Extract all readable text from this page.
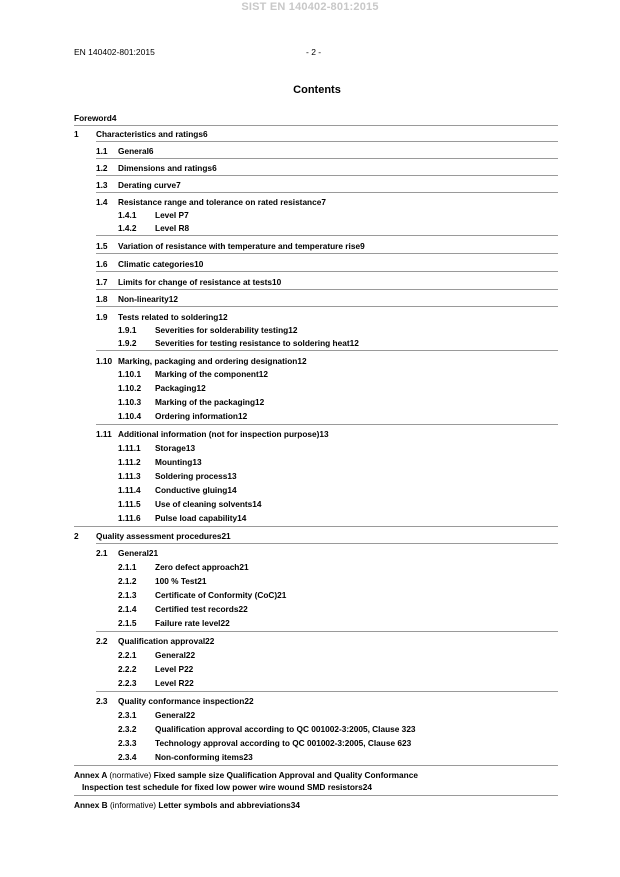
SIST EN 140402-801:2015
EN 140402-801:2015	- 2 -
Contents
Foreword 4
1 Characteristics and ratings 6
1.1 General 6
1.2 Dimensions and ratings 6
1.3 Derating curve 7
1.4 Resistance range and tolerance on rated resistance 7
1.4.1 Level P 7
1.4.2 Level R 8
1.5 Variation of resistance with temperature and temperature rise 9
1.6 Climatic categories 10
1.7 Limits for change of resistance at tests 10
1.8 Non-linearity 12
1.9 Tests related to soldering 12
1.9.1 Severities for solderability testing 12
1.9.2 Severities for testing resistance to soldering heat 12
1.10 Marking, packaging and ordering designation 12
1.10.1 Marking of the component 12
1.10.2 Packaging 12
1.10.3 Marking of the packaging 12
1.10.4 Ordering information 12
1.11 Additional information (not for inspection purpose) 13
1.11.1 Storage 13
1.11.2 Mounting 13
1.11.3 Soldering process 13
1.11.4 Conductive gluing 14
1.11.5 Use of cleaning solvents 14
1.11.6 Pulse load capability 14
2 Quality assessment procedures 21
2.1 General 21
2.1.1 Zero defect approach 21
2.1.2 100 % Test 21
2.1.3 Certificate of Conformity (CoC) 21
2.1.4 Certified test records 22
2.1.5 Failure rate level 22
2.2 Qualification approval 22
2.2.1 General 22
2.2.2 Level P 22
2.2.3 Level R 22
2.3 Quality conformance inspection 22
2.3.1 General 22
2.3.2 Qualification approval according to QC 001002-3:2005, Clause 3 23
2.3.3 Technology approval according to QC 001002-3:2005, Clause 6 23
2.3.4 Non-conforming items 23
Annex A (normative) Fixed sample size Qualification Approval and Quality Conformance
Inspection test schedule for fixed low power wire wound SMD resistors 24
Annex B (informative) Letter symbols and abbreviations 34
